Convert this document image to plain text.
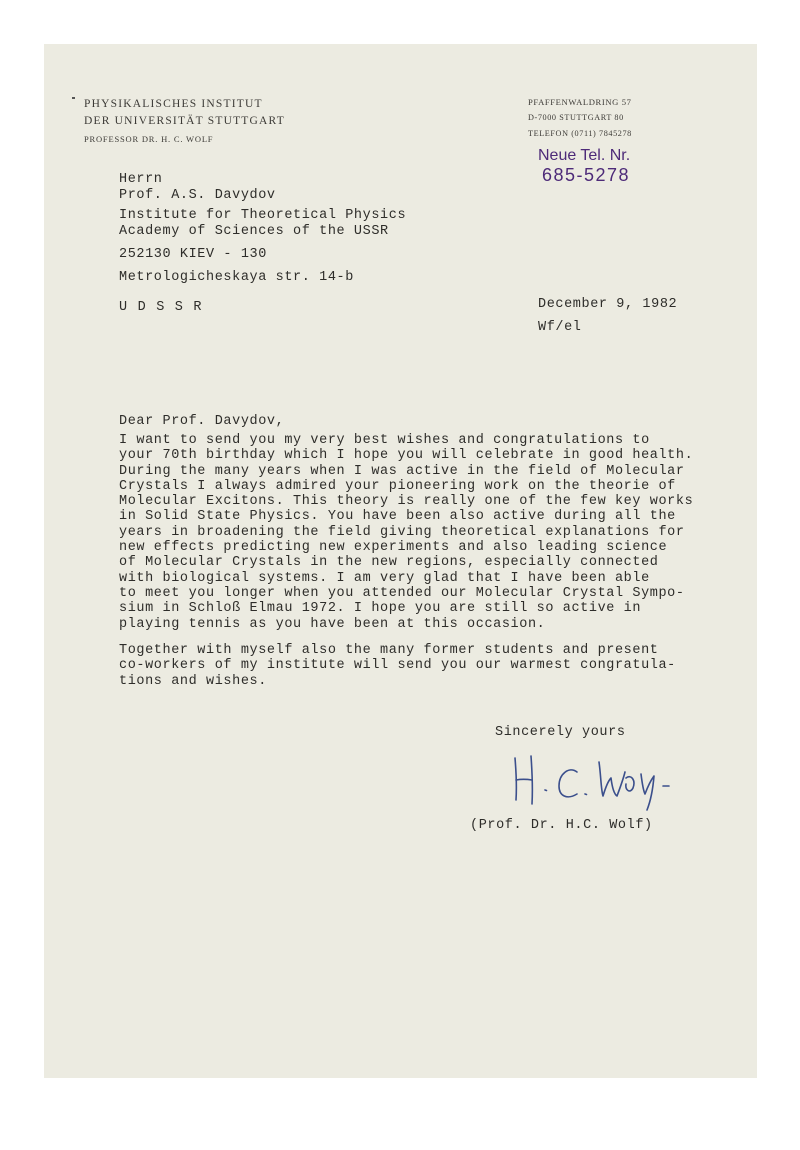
PHYSIKALISCHES INSTITUT
DER UNIVERSITÄT STUTTGART
PROFESSOR DR. H. C. WOLF
PFAFFENWALDRING 57
D-7000 STUTTGART 80
TELEFON (0711) 7845278
Neue Tel. Nr.
685-5278
Herrn
Prof. A.S. Davydov
Institute for Theoretical Physics
Academy of Sciences of the USSR
252130 KIEV - 130
Metrologicheskaya str. 14-b
U D S S R	December 9, 1982
Wf/el
Dear Prof. Davydov,
I want to send you my very best wishes and congratulations to
your 70th birthday which I hope you will celebrate in good health.
During the many years when I was active in the field of Molecular
Crystals I always admired your pioneering work on the theorie of
Molecular Excitons. This theory is really one of the few key works
in Solid State Physics. You have been also active during all the
years in broadening the field giving theoretical explanations for
new effects predicting new experiments and also leading science
of Molecular Crystals in the new regions, especially connected
with biological systems. I am very glad that I have been able
to meet you longer when you attended our Molecular Crystal Sympo-
sium in Schloß Elmau 1972. I hope you are still so active in
playing tennis as you have been at this occasion.
Together with myself also the many former students and present
co-workers of my institute will send you our warmest congratula-
tions and wishes.
Sincerely yours
(Prof. Dr. H.C. Wolf)
